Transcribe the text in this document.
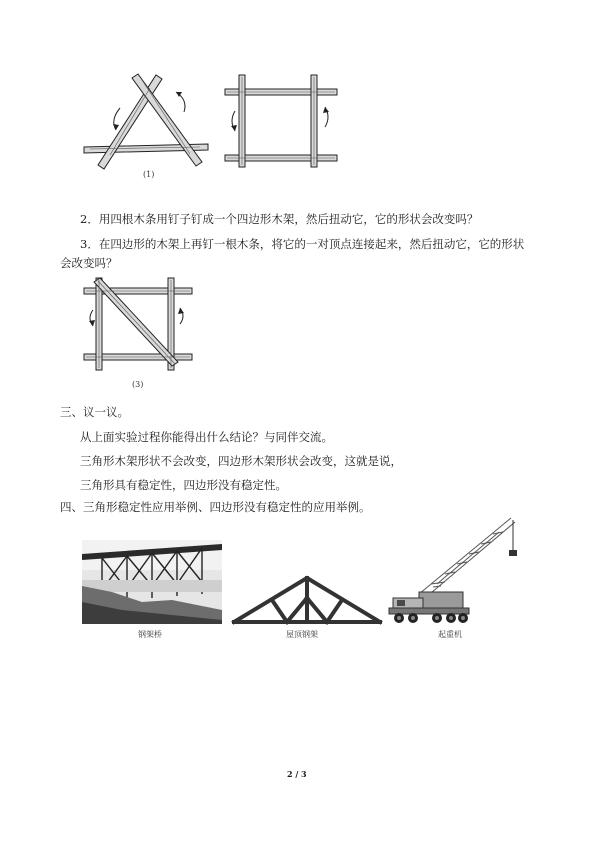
(1)
2．用四根木条用钉子钉成一个四边形木架，然后扭动它，它的形状会改变吗？
3．在四边形的木架上再钉一根木条，将它的一对顶点连接起来，然后扭动它，它的形状
会改变吗？
(3)
三、议一议。
从上面实验过程你能得出什么结论？与同伴交流。
三角形木架形状不会改变，四边形木架形状会改变，这就是说，
三角形具有稳定性，四边形没有稳定性。
四、三角形稳定性应用举例、四边形没有稳定性的应用举例。
钢架桥	屋顶钢架	起重机
2 / 3
